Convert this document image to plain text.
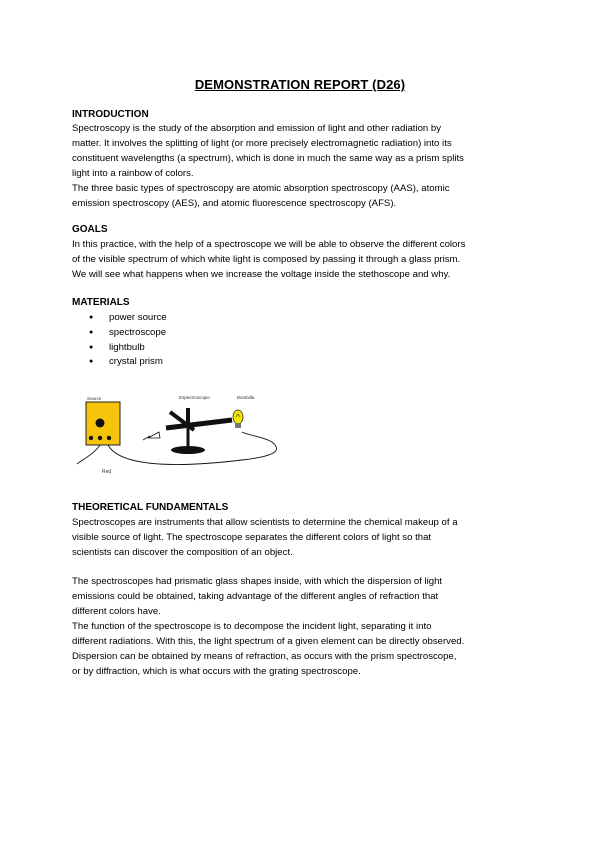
DEMONSTRATION REPORT (D26)
INTRODUCTION
Spectroscopy is the study of the absorption and emission of light and other radiation by
matter. It involves the splitting of light (or more precisely electromagnetic radiation) into its
constituent wavelengths (a spectrum), which is done in much the same way as a prism splits
light into a rainbow of colors.
The three basic types of spectroscopy are atomic absorption spectroscopy (AAS), atomic
emission spectroscopy (AES), and atomic fluorescence spectroscopy (AFS).
GOALS
In this practice, with the help of a spectroscope we will be able to observe the different colors
of the visible spectrum of which white light is composed by passing it through a glass prism.
We will see what happens when we increase the voltage inside the stethoscope and why.
MATERIALS
● power source
● spectroscope
● lightbulb
● crystal prism
Source
Red
Espectroscopio	Bombilla
THEORETICAL FUNDAMENTALS
Spectroscopes are instruments that allow scientists to determine the chemical makeup of a
visible source of light. The spectroscope separates the different colors of light so that
scientists can discover the composition of an object.
The spectroscopes had prismatic glass shapes inside, with which the dispersion of light
emissions could be obtained, taking advantage of the different angles of refraction that
different colors have.
The function of the spectroscope is to decompose the incident light, separating it into
different radiations. With this, the light spectrum of a given element can be directly observed.
Dispersion can be obtained by means of refraction, as occurs with the prism spectroscope,
or by diffraction, which is what occurs with the grating spectroscope.
